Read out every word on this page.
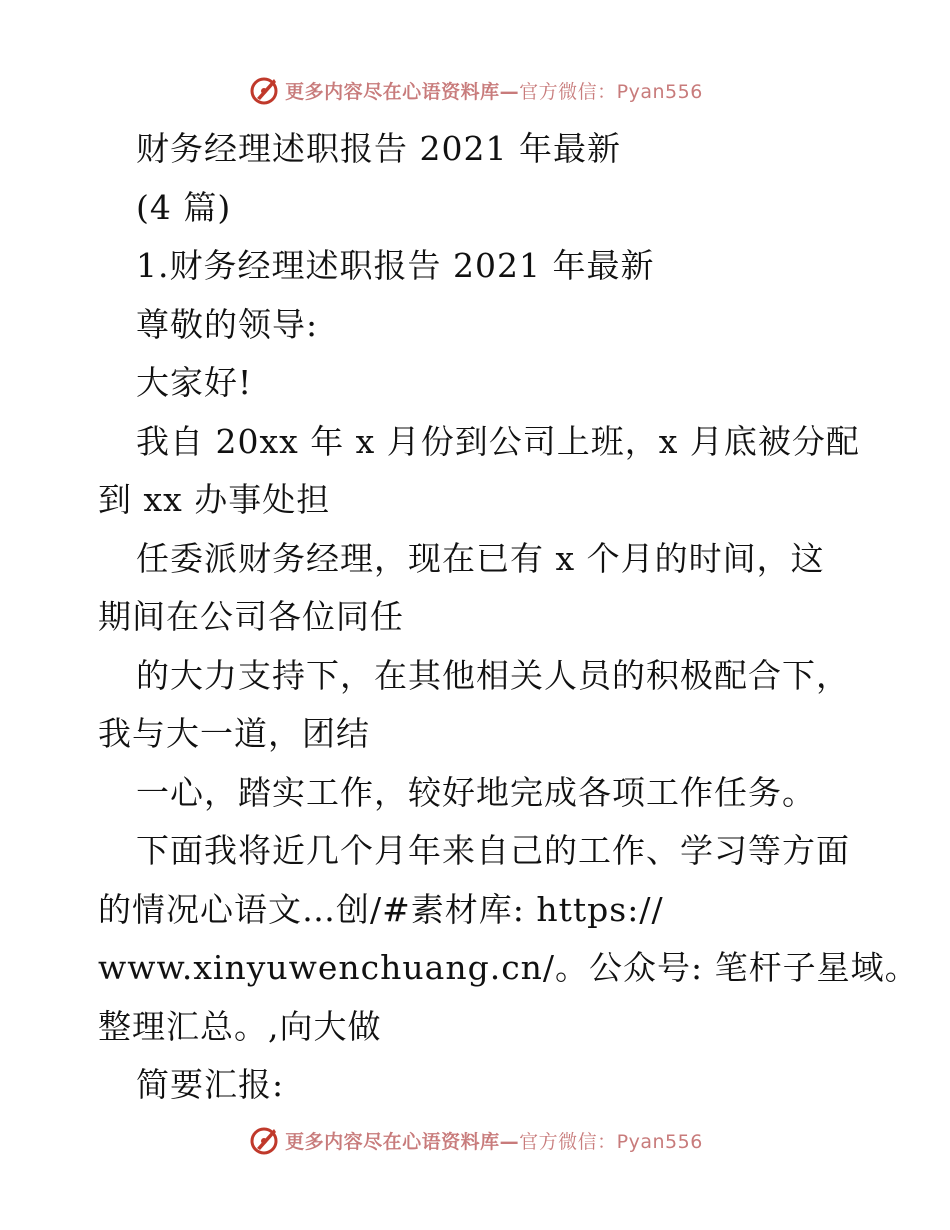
更多内容尽在心语资料库— 官方微信：Pyan556
财务经理述职报告 2021 年最新
(4 篇)
1.财务经理述职报告 2021 年最新
尊敬的领导:
大家好!
我自 20xx 年 x 月份到公司上班，x 月底被分配
到 xx 办事处担
任委派财务经理，现在已有 x 个月的时间，这
期间在公司各位同任
的大力支持下，在其他相关人员的积极配合下，
我与大一道，团结
一心，踏实工作，较好地完成各项工作任务。
下面我将近几个月年来自己的工作、学习等方面
的情况心语文…创/#素材库: https://
www.xinyuwenchuang.cn/。公众号: 笔杆子星域。
整理汇总。,向大做
简要汇报:
更多内容尽在心语资料库— 官方微信：Pyan556
